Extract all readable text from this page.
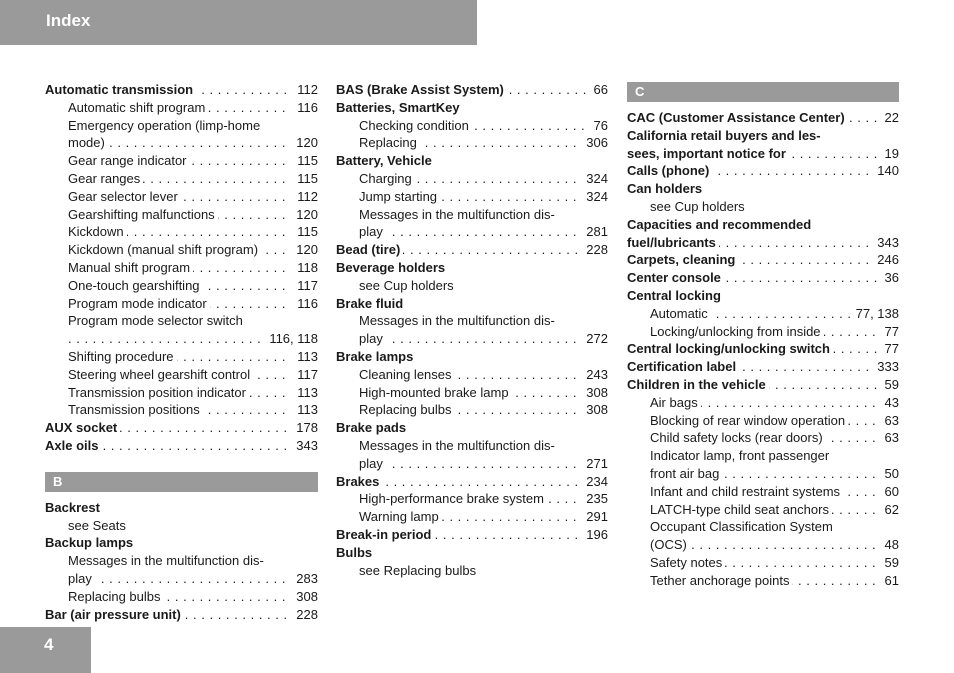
Index
Automatic transmission	112
. . .
Automatic shift program	116
. . .
Emergency operation (limp-home
mode)	120
. . .
Gear range indicator	115
. . .
Gear ranges	115
. . .
Gear selector lever	112
. . .
Gearshifting malfunctions	120
. . .
Kickdown	115
. . .
Kickdown (manual shift program)	120
. . .
Manual shift program	118
. . .
One-touch gearshifting	117
. . .
Program mode indicator	116
. . .
Program mode selector switch
116, 118
. . .
Shifting procedure	113
. . .
Steering wheel gearshift control	117
. . .
Transmission position indicator	113
. . .
Transmission positions	113
. . .
AUX socket	178
. . .
Axle oils	343
. . .
B
Backrest
see Seats
Backup lamps
Messages in the multifunction dis-
play	283
. . .
Replacing bulbs	308
. . .
Bar (air pressure unit)	228
. . .
BAS (Brake Assist System)	66
. . .
Batteries, SmartKey
Checking condition	76
. . .
Replacing	306
. . .
Battery, Vehicle
Charging	324
. . .
Jump starting	324
. . .
Messages in the multifunction dis-
play	281
. . .
Bead (tire)	228
. . .
Beverage holders
see Cup holders
Brake fluid
Messages in the multifunction dis-
play	272
. . .
Brake lamps
Cleaning lenses	243
. . .
High-mounted brake lamp	308
. . .
Replacing bulbs	308
. . .
Brake pads
Messages in the multifunction dis-
play	271
. . .
Brakes	234
. . .
High-performance brake system	235
. . .
Warning lamp	291
. . .
Break-in period	196
. . .
Bulbs
see Replacing bulbs
C
CAC (Customer Assistance Center)	22
. . .
California retail buyers and les-
sees, important notice for	19
. . .
Calls (phone)	140
. . .
Can holders
see Cup holders
Capacities and recommended
fuel/lubricants	343
. . .
Carpets, cleaning	246
. . .
Center console	36
. . .
Central locking
Automatic	77, 138
. . .
Locking/unlocking from inside	77
. . .
Central locking/unlocking switch	77
. . .
Certification label	333
. . .
Children in the vehicle	59
. . .
Air bags	43
. . .
Blocking of rear window operation	63
. . .
Child safety locks (rear doors)	63
. . .
Indicator lamp, front passenger
front air bag	50
. . .
Infant and child restraint systems	60
. . .
LATCH-type child seat anchors	62
. . .
Occupant Classification System
(OCS)	48
. . .
Safety notes	59
. . .
Tether anchorage points	61
. . .
4
